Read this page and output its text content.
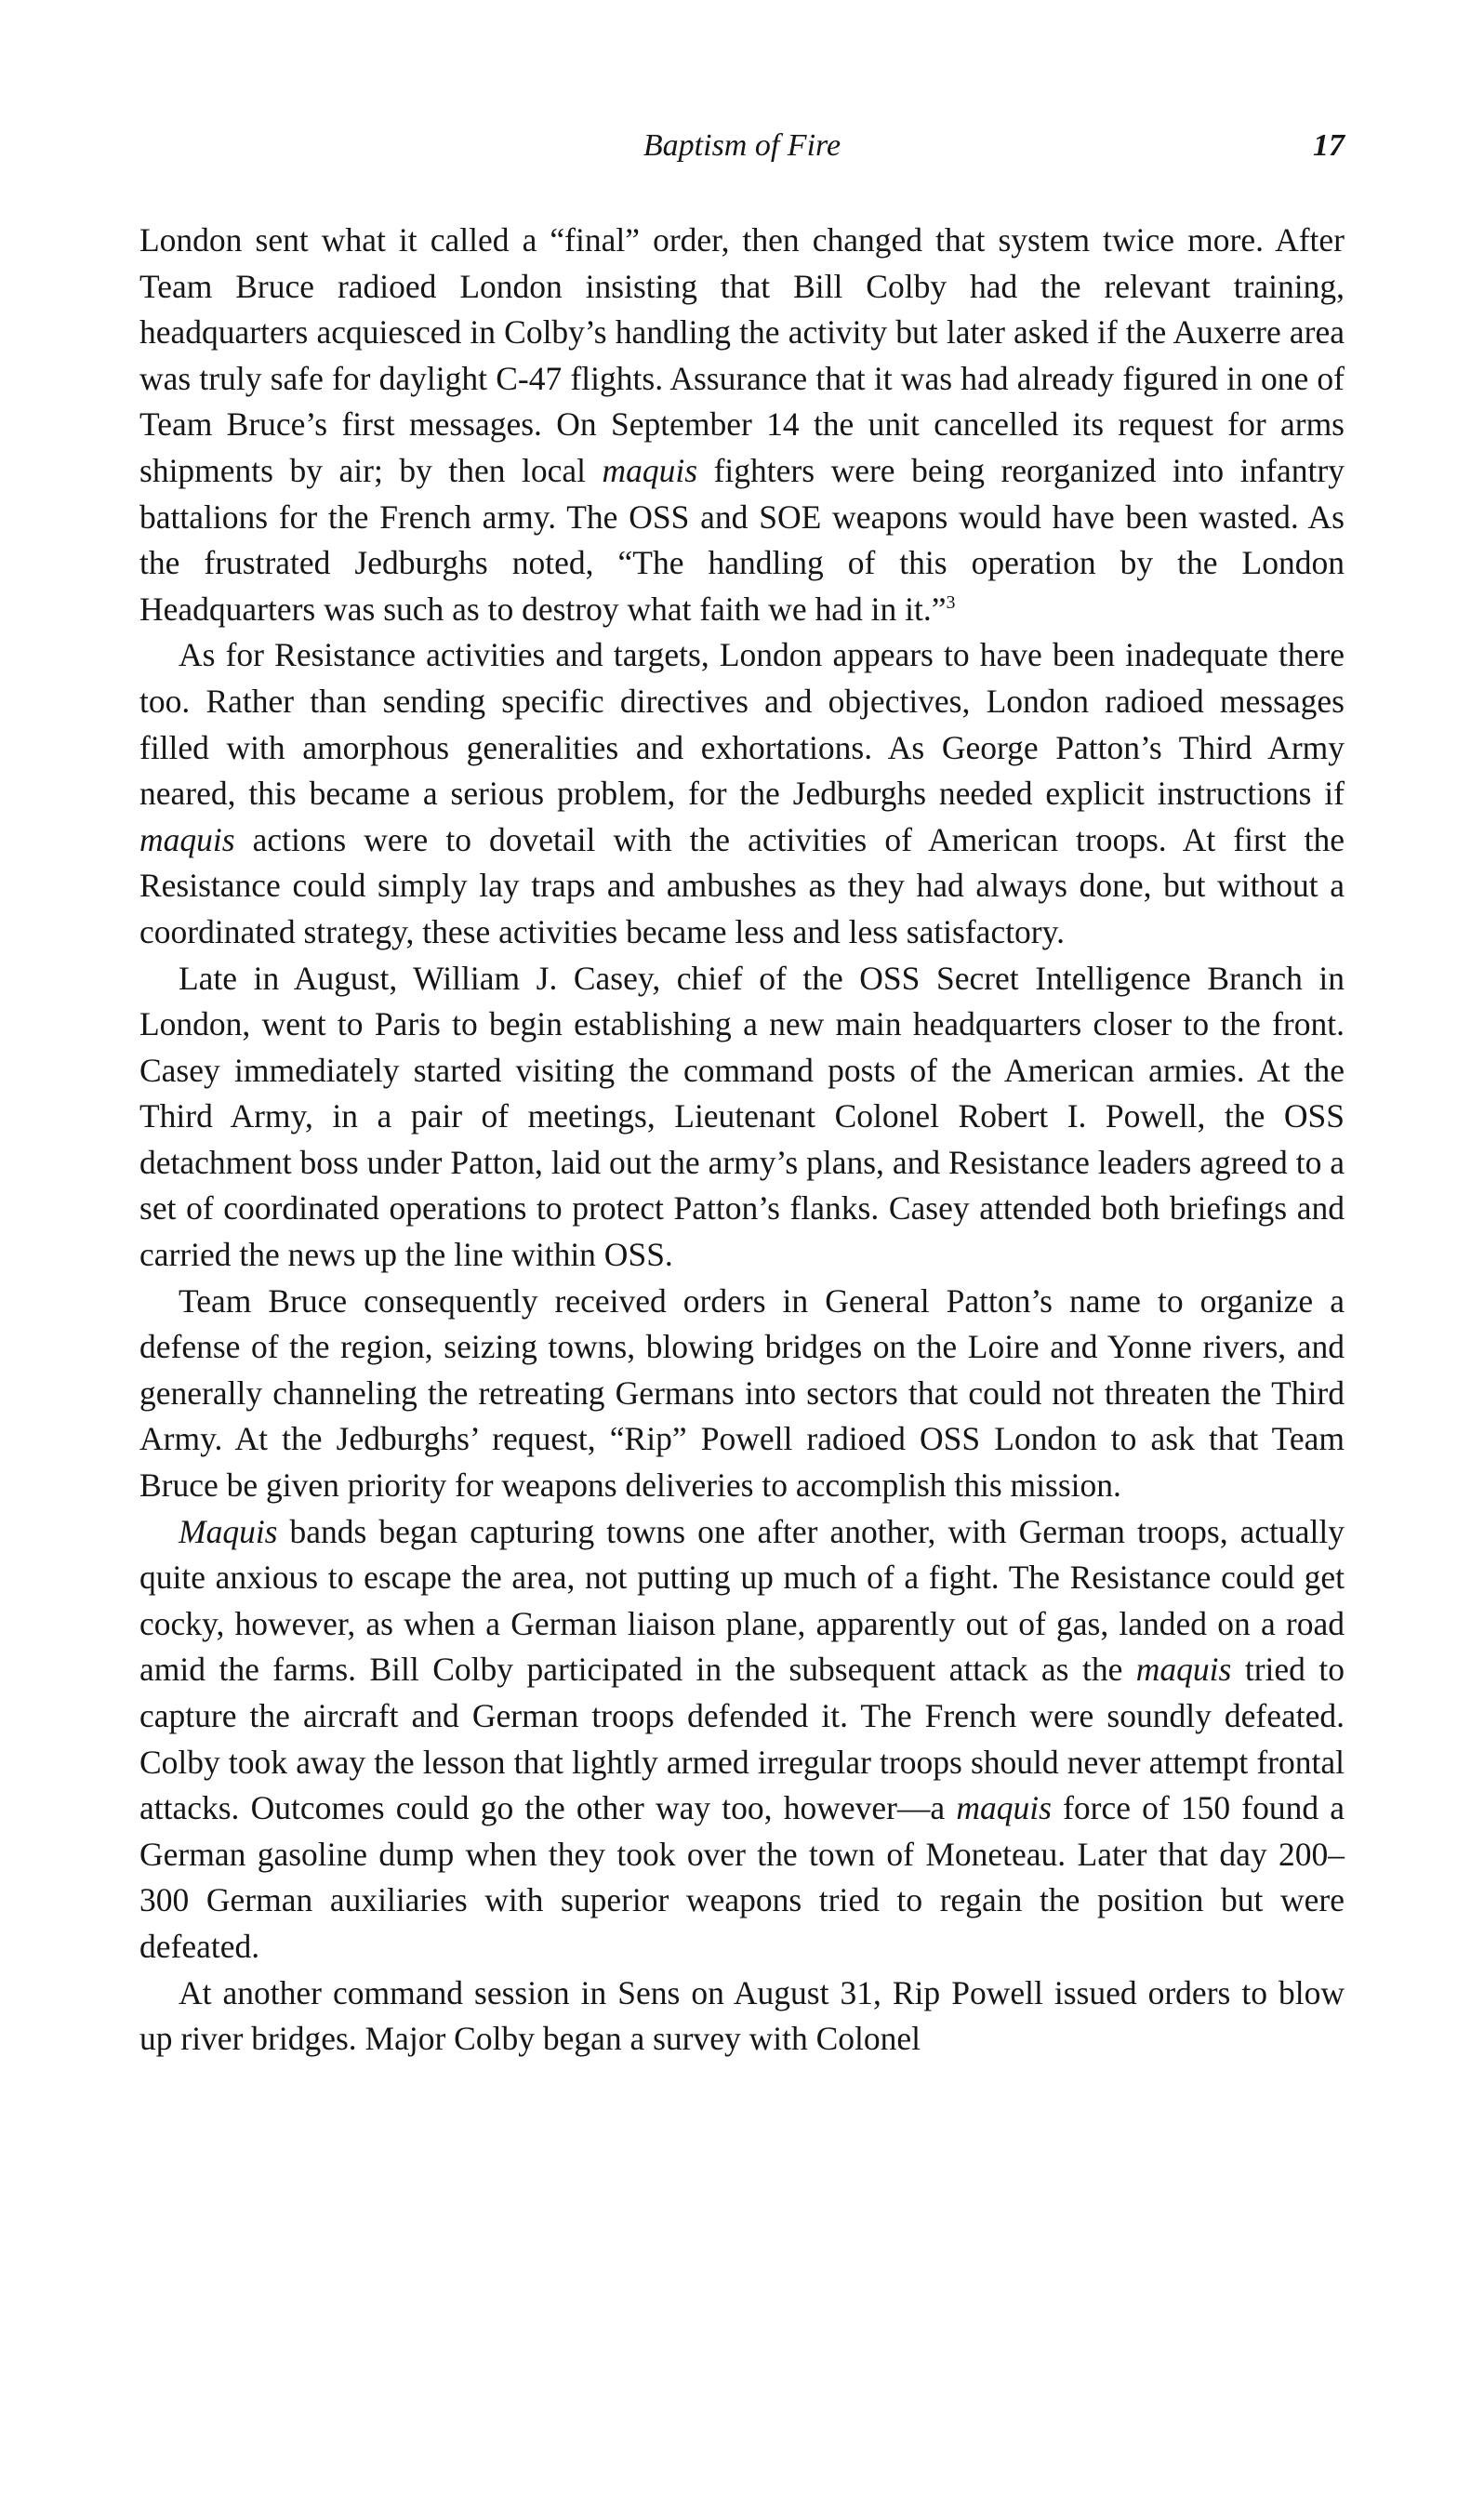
Baptism of Fire	17

London sent what it called a “final” order, then changed that system twice more. After Team Bruce radioed London insisting that Bill Colby had the relevant training, headquarters acquiesced in Colby’s handling the activity but later asked if the Auxerre area was truly safe for daylight C-47 flights. Assurance that it was had already figured in one of Team Bruce’s first messages. On September 14 the unit cancelled its request for arms shipments by air; by then local maquis fighters were being reorganized into infantry battalions for the French army. The OSS and SOE weapons would have been wasted. As the frustrated Jedburghs noted, “The handling of this operation by the London Headquarters was such as to destroy what faith we had in it.”$^3$

As for Resistance activities and targets, London appears to have been inadequate there too. Rather than sending specific directives and objectives, London radioed messages filled with amorphous generalities and exhortations. As George Patton’s Third Army neared, this became a serious problem, for the Jedburghs needed explicit instructions if maquis actions were to dovetail with the activities of American troops. At first the Resistance could simply lay traps and ambushes as they had always done, but without a coordinated strategy, these activities became less and less satisfactory.

Late in August, William J. Casey, chief of the OSS Secret Intelligence Branch in London, went to Paris to begin establishing a new main headquarters closer to the front. Casey immediately started visiting the command posts of the American armies. At the Third Army, in a pair of meetings, Lieutenant Colonel Robert I. Powell, the OSS detachment boss under Patton, laid out the army’s plans, and Resistance leaders agreed to a set of coordinated operations to protect Patton’s flanks. Casey attended both briefings and carried the news up the line within OSS.

Team Bruce consequently received orders in General Patton’s name to organize a defense of the region, seizing towns, blowing bridges on the Loire and Yonne rivers, and generally channeling the retreating Germans into sectors that could not threaten the Third Army. At the Jedburghs’ request, “Rip” Powell radioed OSS London to ask that Team Bruce be given priority for weapons deliveries to accomplish this mission.

Maquis bands began capturing towns one after another, with German troops, actually quite anxious to escape the area, not putting up much of a fight. The Resistance could get cocky, however, as when a German liaison plane, apparently out of gas, landed on a road amid the farms. Bill Colby participated in the subsequent attack as the maquis tried to capture the aircraft and German troops defended it. The French were soundly defeated. Colby took away the lesson that lightly armed irregular troops should never attempt frontal attacks. Outcomes could go the other way too, however—a maquis force of 150 found a German gasoline dump when they took over the town of Moneteau. Later that day 200–300 German auxiliaries with superior weapons tried to regain the position but were defeated.

At another command session in Sens on August 31, Rip Powell issued orders to blow up river bridges. Major Colby began a survey with Colonel
